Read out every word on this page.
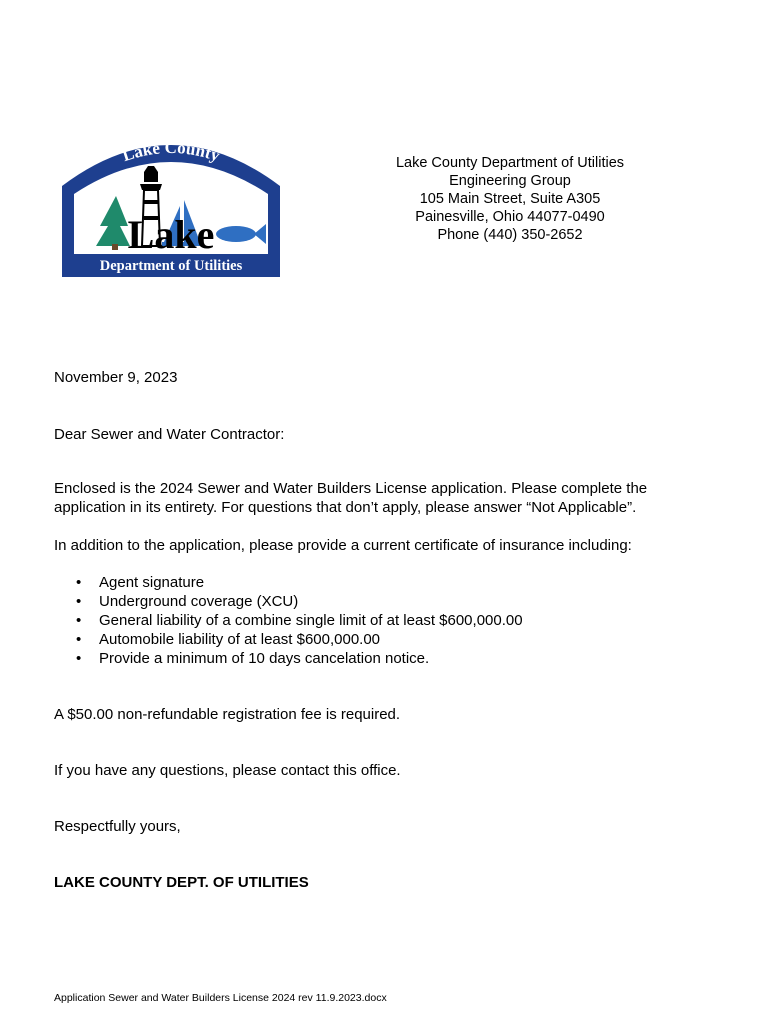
Lake County
Lake
Department of Utilities
Lake County Department of Utilities
Engineering Group
105 Main Street, Suite A305
Painesville, Ohio 44077-0490
Phone (440) 350-2652
November 9, 2023
Dear Sewer and Water Contractor:
Enclosed is the 2024 Sewer and Water Builders License application. Please complete the application in its entirety. For questions that don’t apply, please answer “Not Applicable”.
In addition to the application, please provide a current certificate of insurance including:
• Agent signature
• Underground coverage (XCU)
• General liability of a combine single limit of at least $600,000.00
• Automobile liability of at least $600,000.00
• Provide a minimum of 10 days cancelation notice.
A $50.00 non-refundable registration fee is required.
If you have any questions, please contact this office.
Respectfully yours,
LAKE COUNTY DEPT. OF UTILITIES
Application Sewer and Water Builders License 2024 rev 11.9.2023.docx
